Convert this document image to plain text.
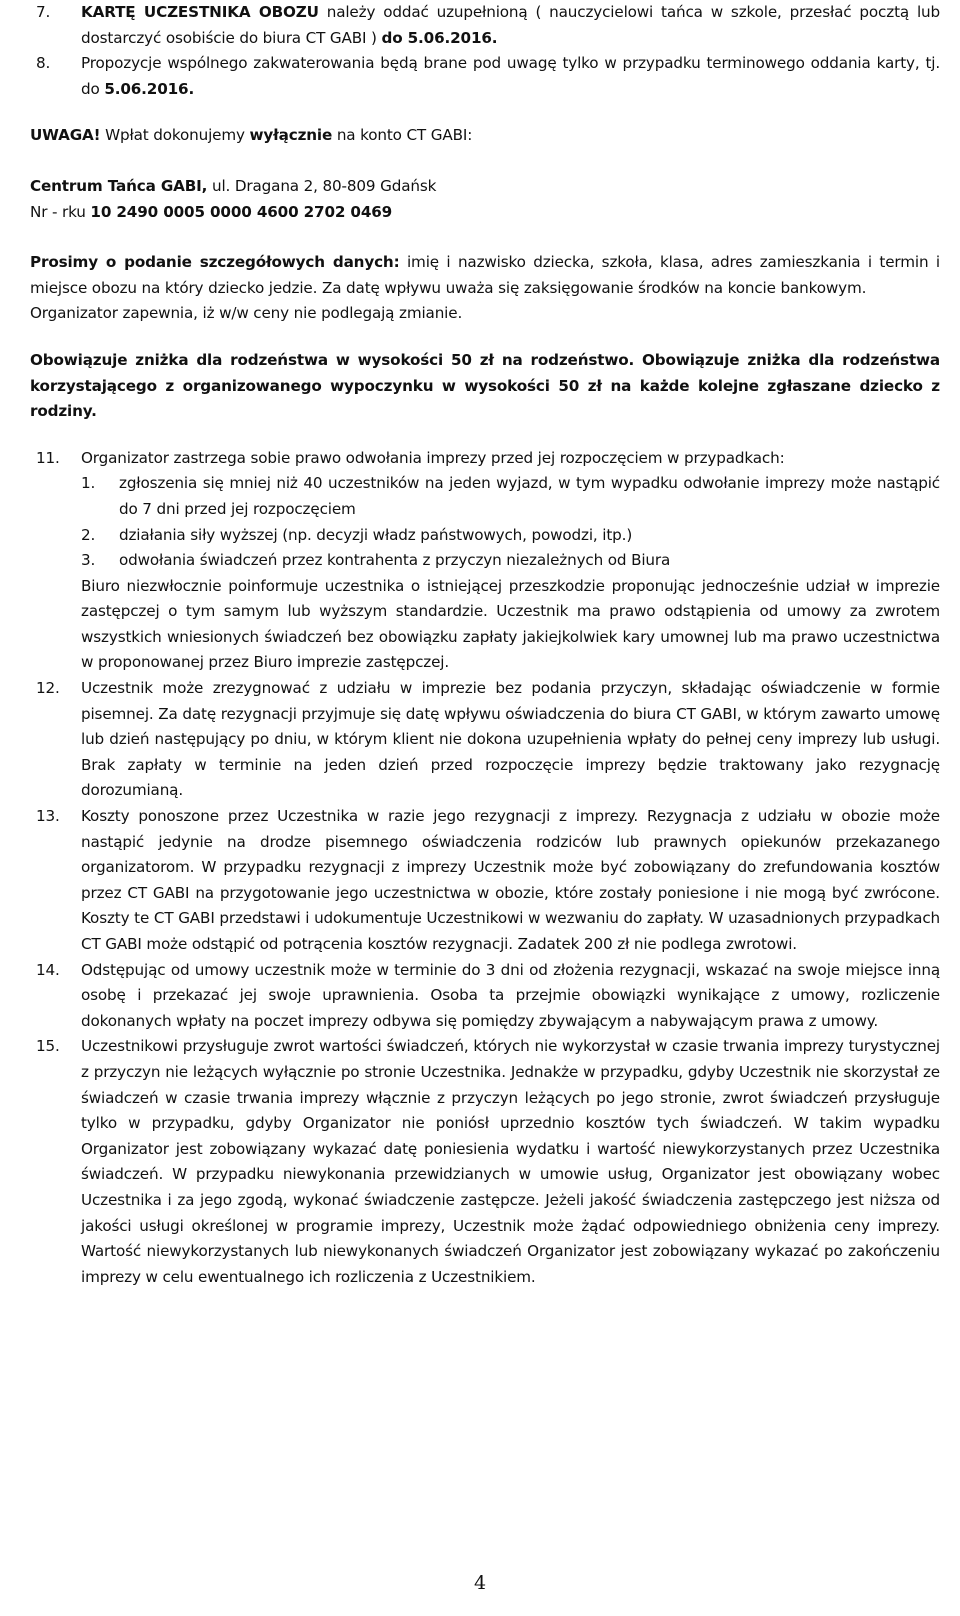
7. KARTĘ UCZESTNIKA OBOZU należy oddać uzupełnioną ( nauczycielowi tańca w szkole, przesłać pocztą lub dostarczyć osobiście do biura CT GABI ) do 5.06.2016.
8. Propozycje wspólnego zakwaterowania będą brane pod uwagę tylko w przypadku terminowego oddania karty, tj. do 5.06.2016.
UWAGA! Wpłat dokonujemy wyłącznie na konto CT GABI:
Centrum Tańca GABI, ul. Dragana 2, 80-809 Gdańsk
Nr - rku 10 2490 0005 0000 4600 2702 0469
Prosimy o podanie szczegółowych danych: imię i nazwisko dziecka, szkoła, klasa, adres zamieszkania i termin i miejsce obozu na który dziecko jedzie. Za datę wpływu uważa się zaksięgowanie środków na koncie bankowym.
Organizator zapewnia, iż w/w ceny nie podlegają zmianie.
Obowiązuje zniżka dla rodzeństwa w wysokości 50 zł na rodzeństwo. Obowiązuje zniżka dla rodzeństwa korzystającego z organizowanego wypoczynku w wysokości 50 zł na każde kolejne zgłaszane dziecko z rodziny.
11. Organizator zastrzega sobie prawo odwołania imprezy przed jej rozpoczęciem w przypadkach:
1. zgłoszenia się mniej niż 40 uczestników na jeden wyjazd, w tym wypadku odwołanie imprezy może nastąpić do 7 dni przed jej rozpoczęciem
2. działania siły wyższej (np. decyzji władz państwowych, powodzi, itp.)
3. odwołania świadczeń przez kontrahenta z przyczyn niezależnych od Biura
Biuro niezwłocznie poinformuje uczestnika o istniejącej przeszkodzie proponując jednocześnie udział w imprezie zastępczej o tym samym lub wyższym standardzie. Uczestnik ma prawo odstąpienia od umowy za zwrotem wszystkich wniesionych świadczeń bez obowiązku zapłaty jakiejkolwiek kary umownej lub ma prawo uczestnictwa w proponowanej przez Biuro imprezie zastępczej.
12. Uczestnik może zrezygnować z udziału w imprezie bez podania przyczyn, składając oświadczenie w formie pisemnej. Za datę rezygnacji przyjmuje się datę wpływu oświadczenia do biura CT GABI, w którym zawarto umowę lub dzień następujący po dniu, w którym klient nie dokona uzupełnienia wpłaty do pełnej ceny imprezy lub usługi. Brak zapłaty w terminie na jeden dzień przed rozpoczęcie imprezy będzie traktowany jako rezygnację dorozumianą.
13. Koszty ponoszone przez Uczestnika w razie jego rezygnacji z imprezy. Rezygnacja z udziału w obozie może nastąpić jedynie na drodze pisemnego oświadczenia rodziców lub prawnych opiekunów przekazanego organizatorom. W przypadku rezygnacji z imprezy Uczestnik może być zobowiązany do zrefundowania kosztów przez CT GABI na przygotowanie jego uczestnictwa w obozie, które zostały poniesione i nie mogą być zwrócone. Koszty te CT GABI przedstawi i udokumentuje Uczestnikowi w wezwaniu do zapłaty. W uzasadnionych przypadkach CT GABI może odstąpić od potrącenia kosztów rezygnacji. Zadatek 200 zł nie podlega zwrotowi.
14. Odstępując od umowy uczestnik może w terminie do 3 dni od złożenia rezygnacji, wskazać na swoje miejsce inną osobę i przekazać jej swoje uprawnienia. Osoba ta przejmie obowiązki wynikające z umowy, rozliczenie dokonanych wpłaty na poczet imprezy odbywa się pomiędzy zbywającym a nabywającym prawa z umowy.
15. Uczestnikowi przysługuje zwrot wartości świadczeń, których nie wykorzystał w czasie trwania imprezy turystycznej z przyczyn nie leżących wyłącznie po stronie Uczestnika. Jednakże w przypadku, gdyby Uczestnik nie skorzystał ze świadczeń w czasie trwania imprezy włącznie z przyczyn leżących po jego stronie, zwrot świadczeń przysługuje tylko w przypadku, gdyby Organizator nie poniósł uprzednio kosztów tych świadczeń. W takim wypadku Organizator jest zobowiązany wykazać datę poniesienia wydatku i wartość niewykorzystanych przez Uczestnika świadczeń. W przypadku niewykonania przewidzianych w umowie usług, Organizator jest obowiązany wobec Uczestnika i za jego zgodą, wykonać świadczenie zastępcze. Jeżeli jakość świadczenia zastępczego jest niższa od jakości usługi określonej w programie imprezy, Uczestnik może żądać odpowiedniego obniżenia ceny imprezy. Wartość niewykorzystanych lub niewykonanych świadczeń Organizator jest zobowiązany wykazać po zakończeniu imprezy w celu ewentualnego ich rozliczenia z Uczestnikiem.
4
